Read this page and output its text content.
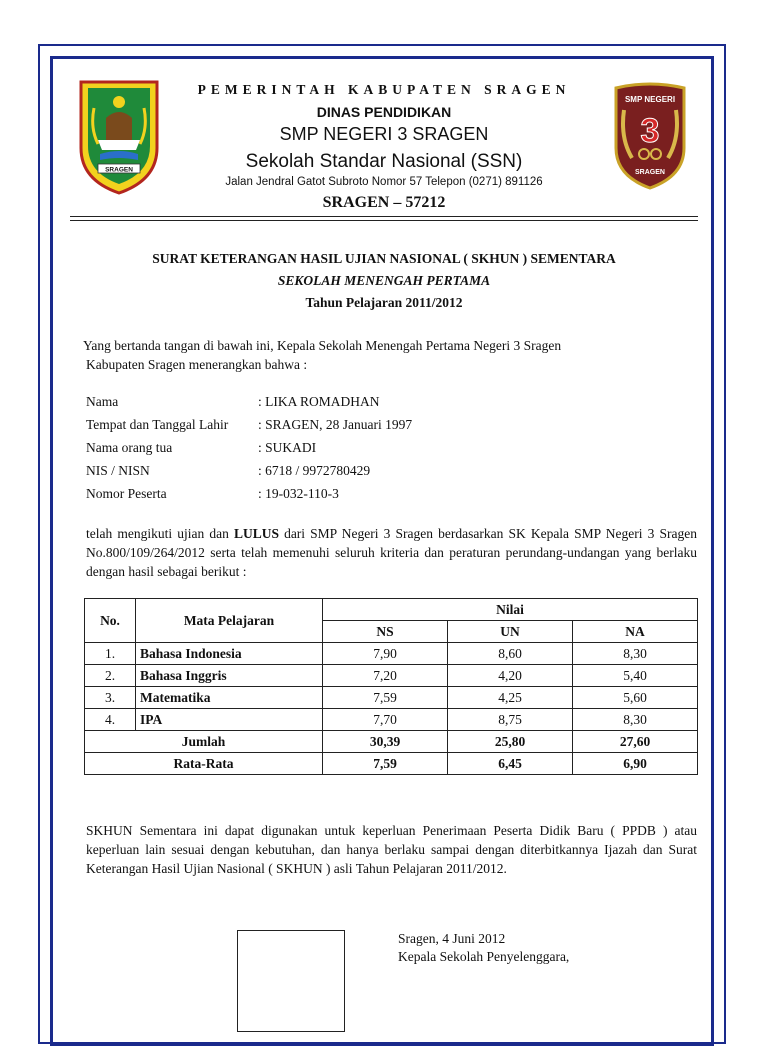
SRAGEN
SMP NEGERI
3
SRAGEN
PEMERINTAH KABUPATEN SRAGEN
DINAS PENDIDIKAN
SMP NEGERI 3 SRAGEN
Sekolah Standar Nasional (SSN)
Jalan Jendral Gatot Subroto Nomor 57 Telepon (0271) 891126
SRAGEN – 57212
SURAT KETERANGAN HASIL UJIAN NASIONAL ( SKHUN ) SEMENTARA
SEKOLAH MENENGAH PERTAMA
Tahun Pelajaran 2011/2012
Yang bertanda tangan di bawah ini, Kepala Sekolah Menengah Pertama Negeri 3 Sragen
Kabupaten Sragen menerangkan bahwa :
Nama	: LIKA ROMADHAN
Tempat dan Tanggal Lahir : SRAGEN, 28 Januari 1997
Nama orang tua	: SUKADI
NIS / NISN	: 6718 / 9972780429
Nomor Peserta	: 19-032-110-3
telah mengikuti ujian dan LULUS dari SMP Negeri 3 Sragen berdasarkan SK Kepala SMP Negeri 3 Sragen No.800/109/264/2012 serta telah memenuhi seluruh kriteria dan peraturan perundang-undangan yang berlaku dengan hasil sebagai berikut :
No.	Mata Pelajaran	Nilai		
		NS	UN	NA
1.	Bahasa Indonesia	7,90	8,60	8,30
2.	Bahasa Inggris	7,20	4,20	5,40
3.	Matematika	7,59	4,25	5,60
4.	IPA	7,70	8,75	8,30
Jumlah		30,39	25,80	27,60
Rata-Rata		7,59	6,45	6,90
SKHUN Sementara ini dapat digunakan untuk keperluan Penerimaan Peserta Didik Baru ( PPDB ) atau keperluan lain sesuai dengan kebutuhan, dan hanya berlaku sampai dengan diterbitkannya Ijazah dan Surat Keterangan Hasil Ujian Nasional ( SKHUN ) asli Tahun Pelajaran 2011/2012.
Sragen, 4 Juni 2012
Kepala Sekolah Penyelenggara,
